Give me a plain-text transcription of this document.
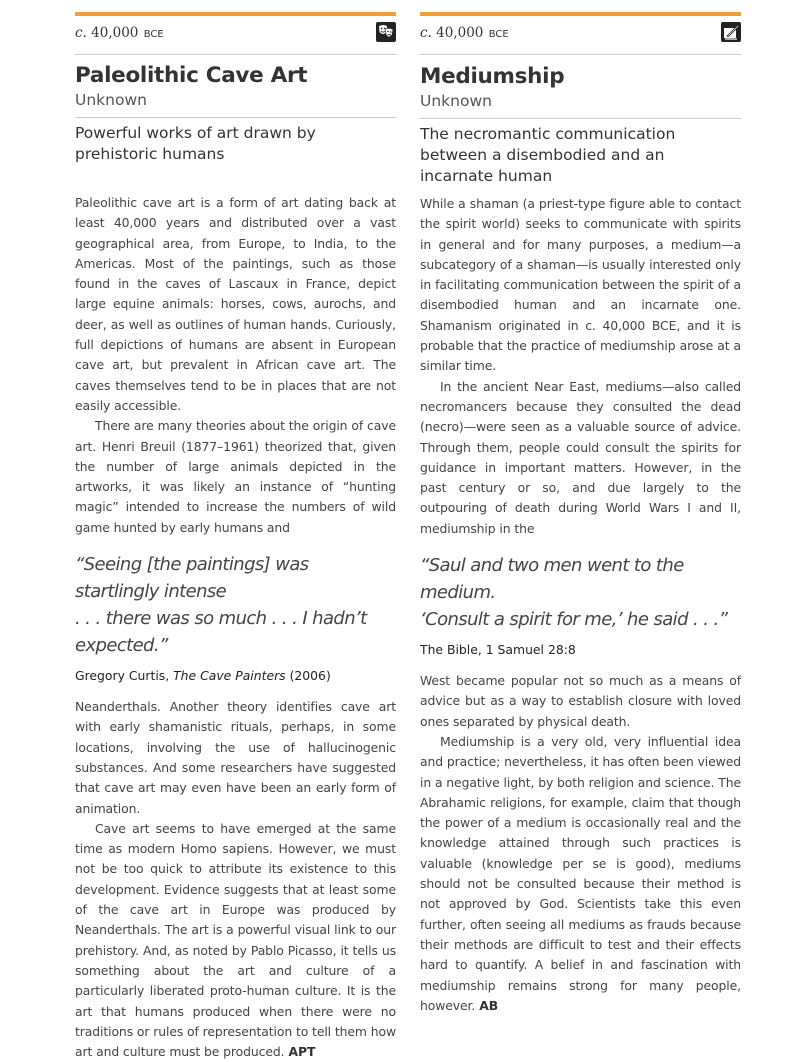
c. 40,000 BCE
Paleolithic Cave Art
Unknown
Powerful works of art drawn by prehistoric humans

Paleolithic cave art is a form of art dating back at least 40,000 years and distributed over a vast geographical area, from Europe, to India, to the Americas. Most of the paintings, such as those found in the caves of Lascaux in France, depict large equine animals: horses, cows, aurochs, and deer, as well as outlines of human hands. Curiously, full depictions of humans are absent in European cave art, but prevalent in African cave art. The caves themselves tend to be in places that are not easily accessible.

There are many theories about the origin of cave art. Henri Breuil (1877–1961) theorized that, given the number of large animals depicted in the artworks, it was likely an instance of “hunting magic” intended to increase the numbers of wild game hunted by early humans and

“Seeing [the paintings] was startlingly intense
. . . there was so much . . . I hadn’t expected.”
Gregory Curtis, The Cave Painters (2006)

Neanderthals. Another theory identifies cave art with early shamanistic rituals, perhaps, in some locations, involving the use of hallucinogenic substances. And some researchers have suggested that cave art may even have been an early form of animation.

Cave art seems to have emerged at the same time as modern Homo sapiens. However, we must not be too quick to attribute its existence to this development. Evidence suggests that at least some of the cave art in Europe was produced by Neanderthals. The art is a powerful visual link to our prehistory. And, as noted by Pablo Picasso, it tells us something about the art and culture of a particularly liberated proto-human culture. It is the art that humans produced when there were no traditions or rules of representation to tell them how art and culture must be produced. APT

c. 40,000 BCE
Mediumship
Unknown
The necromantic communication between a disembodied and an incarnate human

While a shaman (a priest-type figure able to contact the spirit world) seeks to communicate with spirits in general and for many purposes, a medium—a subcategory of a shaman—is usually interested only in facilitating communication between the spirit of a disembodied human and an incarnate one. Shamanism originated in c. 40,000 BCE, and it is probable that the practice of mediumship arose at a similar time.

In the ancient Near East, mediums—also called necromancers because they consulted the dead (necro)—were seen as a valuable source of advice. Through them, people could consult the spirits for guidance in important matters. However, in the past century or so, and due largely to the outpouring of death during World Wars I and II, mediumship in the

“Saul and two men went to the medium.
‘Consult a spirit for me,’ he said . . .”
The Bible, 1 Samuel 28:8

West became popular not so much as a means of advice but as a way to establish closure with loved ones separated by physical death.

Mediumship is a very old, very influential idea and practice; nevertheless, it has often been viewed in a negative light, by both religion and science. The Abrahamic religions, for example, claim that though the power of a medium is occasionally real and the knowledge attained through such practices is valuable (knowledge per se is good), mediums should not be consulted because their method is not approved by God. Scientists take this even further, often seeing all mediums as frauds because their methods are difficult to test and their effects hard to quantify. A belief in and fascination with mediumship remains strong for many people, however. AB
